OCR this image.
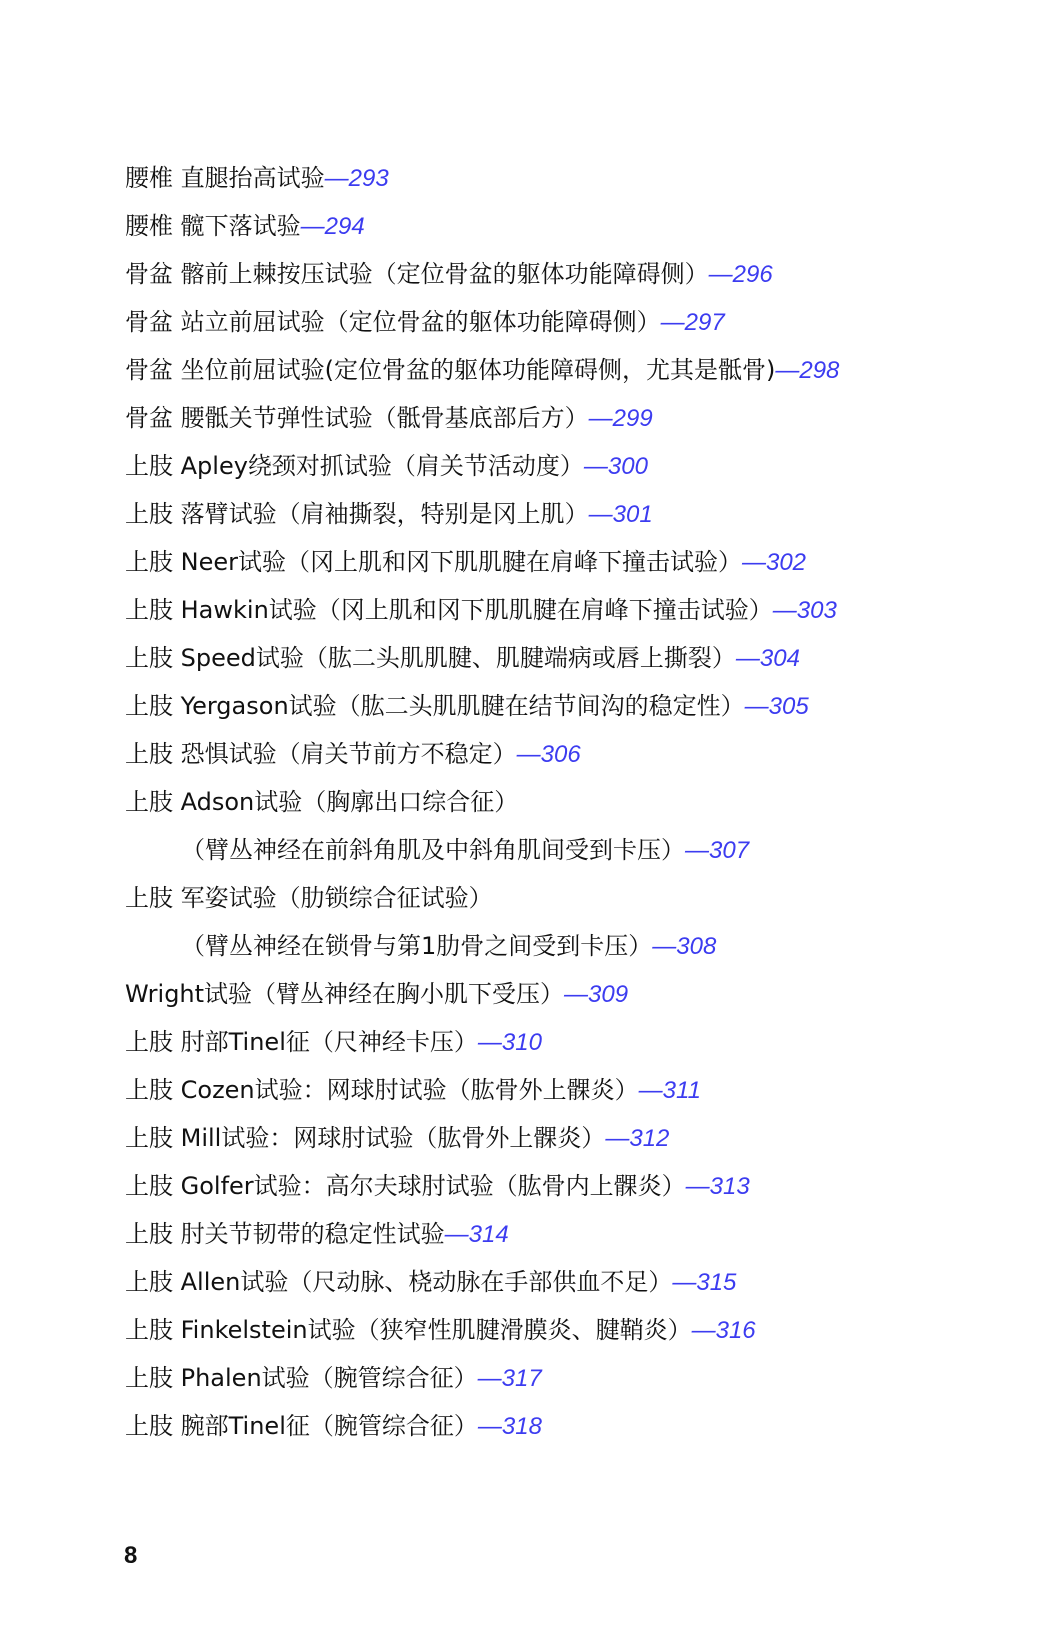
腰椎 直腿抬高试验—293
腰椎 髋下落试验—294
骨盆 髂前上棘按压试验（定位骨盆的躯体功能障碍侧）—296
骨盆 站立前屈试验（定位骨盆的躯体功能障碍侧）—297
骨盆 坐位前屈试验(定位骨盆的躯体功能障碍侧，尤其是骶骨)—298
骨盆 腰骶关节弹性试验（骶骨基底部后方）—299
上肢 Apley绕颈对抓试验（肩关节活动度）—300
上肢 落臂试验（肩袖撕裂，特别是冈上肌）—301
上肢 Neer试验（冈上肌和冈下肌肌腱在肩峰下撞击试验）—302
上肢 Hawkin试验（冈上肌和冈下肌肌腱在肩峰下撞击试验）—303
上肢 Speed试验（肱二头肌肌腱、肌腱端病或唇上撕裂）—304
上肢 Yergason试验（肱二头肌肌腱在结节间沟的稳定性）—305
上肢 恐惧试验（肩关节前方不稳定）—306
上肢 Adson试验（胸廓出口综合征）
（臂丛神经在前斜角肌及中斜角肌间受到卡压）—307
上肢 军姿试验（肋锁综合征试验）
（臂丛神经在锁骨与第1肋骨之间受到卡压）—308
Wright试验（臂丛神经在胸小肌下受压）—309
上肢 肘部Tinel征（尺神经卡压）—310
上肢 Cozen试验：网球肘试验（肱骨外上髁炎）—311
上肢 Mill试验：网球肘试验（肱骨外上髁炎）—312
上肢 Golfer试验：高尔夫球肘试验（肱骨内上髁炎）—313
上肢 肘关节韧带的稳定性试验—314
上肢 Allen试验（尺动脉、桡动脉在手部供血不足）—315
上肢 Finkelstein试验（狭窄性肌腱滑膜炎、腱鞘炎）—316
上肢 Phalen试验（腕管综合征）—317
上肢 腕部Tinel征（腕管综合征）—318
8
